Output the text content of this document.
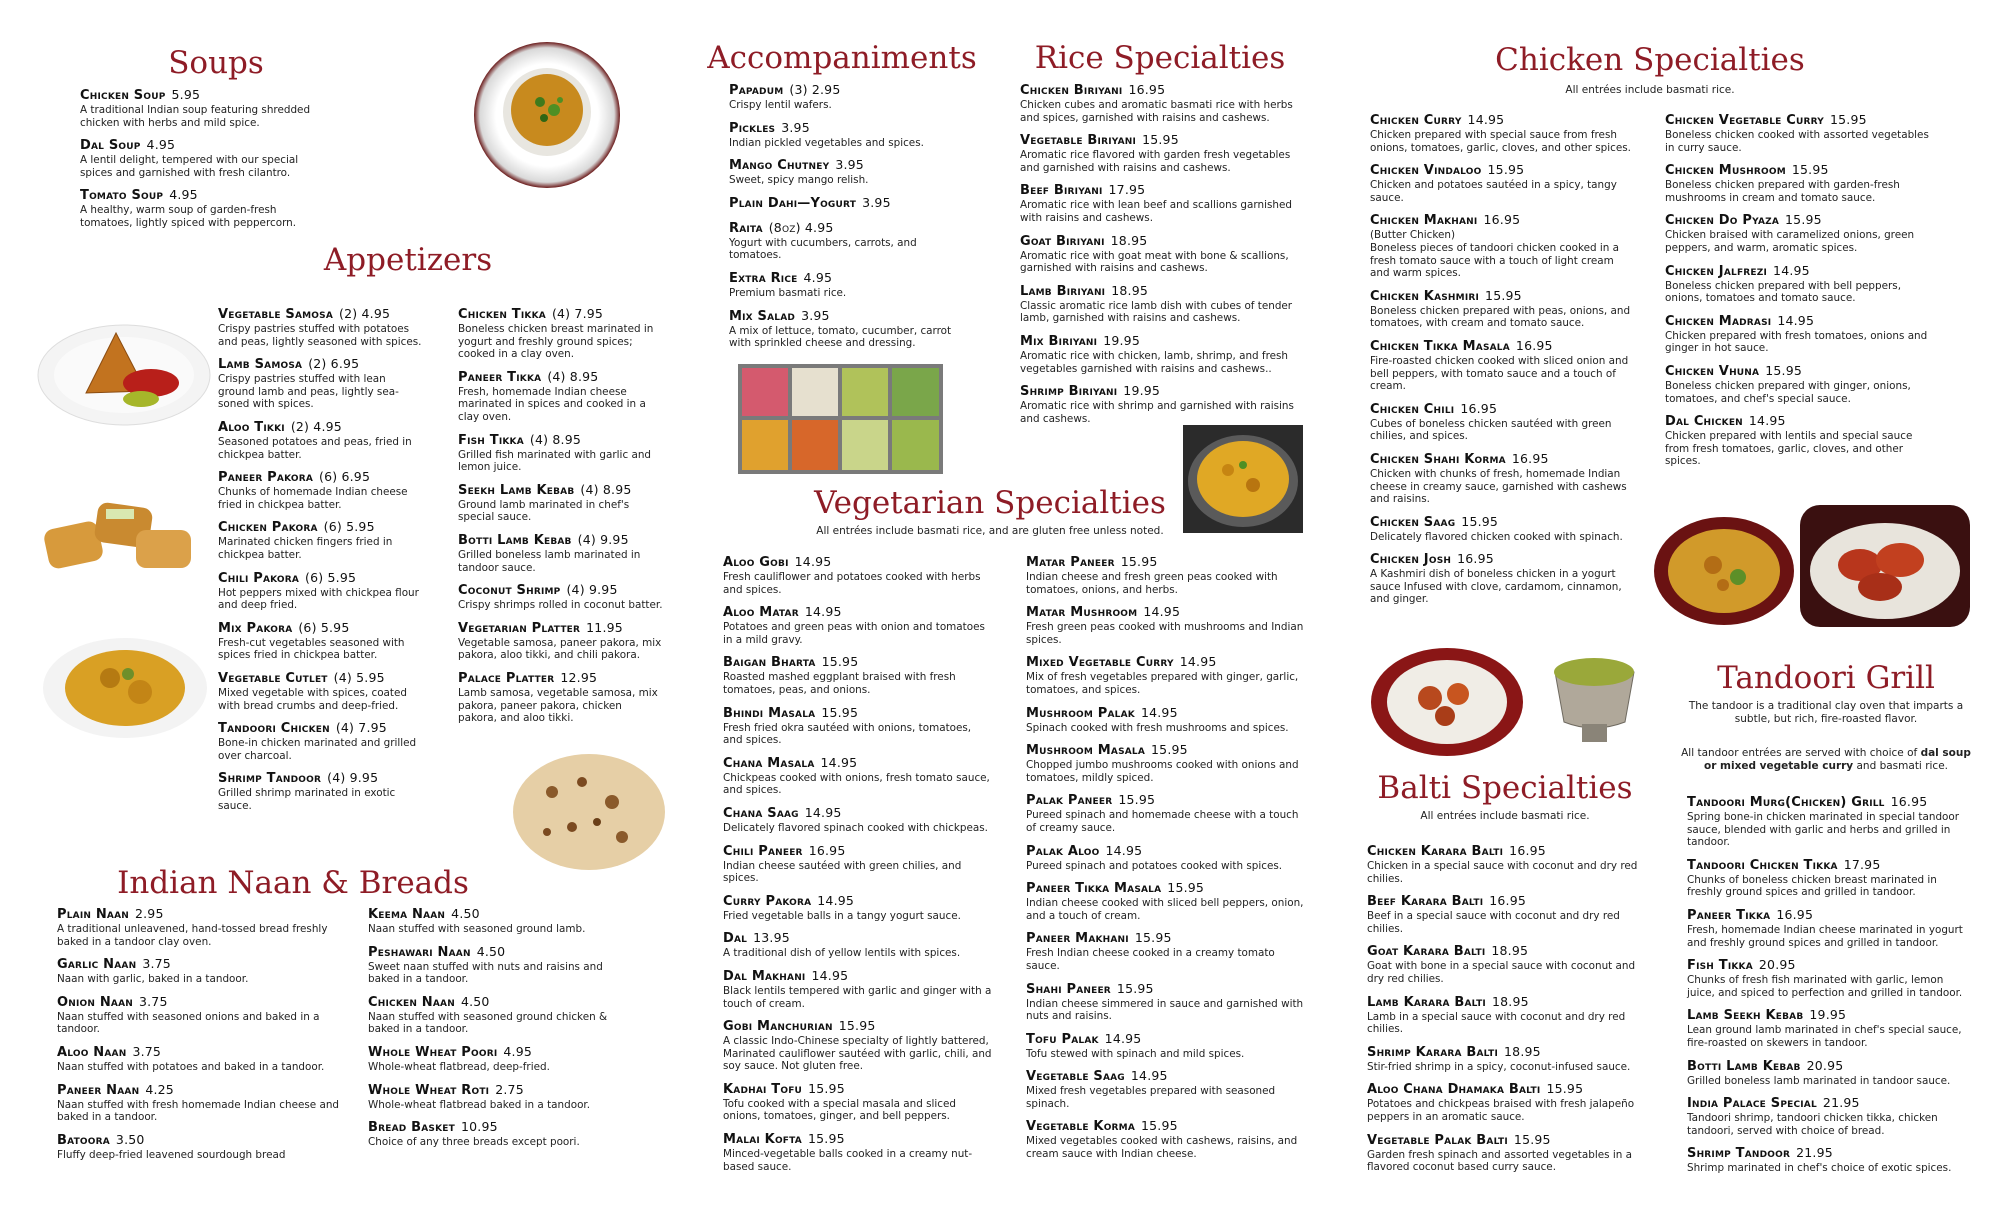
Soups
Appetizers
Indian Naan & Breads
Accompaniments Rice Specialties
Vegetarian Specialties
All entrées include basmati rice, and are gluten free unless noted.
Chicken Specialties
All entrées include basmati rice.
Balti Specialties
All entrées include basmati rice.
Tandoori Grill
The tandoor is a traditional clay oven that imparts a subtle, but rich, fire-roasted flavor.
All tandoor entrées are served with choice of dal soup or mixed vegetable curry and basmati rice.
Chicken Soup 5.95
A traditional Indian soup featuring shredded chicken with herbs and mild spice.
Dal Soup 4.95
A lentil delight, tempered with our special spices and garnished with fresh cilantro.
Tomato Soup 4.95
A healthy, warm soup of garden-fresh tomatoes, lightly spiced with peppercorn.
Vegetable Samosa (2) 4.95
Crispy pastries stuffed with potatoes and peas, lightly seasoned with spices.
Lamb Samosa (2) 6.95
Crispy pastries stuffed with lean ground lamb and peas, lightly sea-soned with spices.
Aloo Tikki (2) 4.95
Seasoned potatoes and peas, fried in chickpea batter.
Paneer Pakora (6) 6.95
Chunks of homemade Indian cheese fried in chickpea batter.
Chicken Pakora (6) 5.95
Marinated chicken fingers fried in chickpea batter.
Chili Pakora (6) 5.95
Hot peppers mixed with chickpea flour and deep fried.
Mix Pakora (6) 5.95
Fresh-cut vegetables seasoned with spices fried in chickpea batter.
Vegetable Cutlet (4) 5.95
Mixed vegetable with spices, coated with bread crumbs and deep-fried.
Tandoori Chicken (4) 7.95
Bone-in chicken marinated and grilled over charcoal.
Shrimp Tandoor (4) 9.95
Grilled shrimp marinated in exotic sauce.
Chicken Tikka (4) 7.95
Boneless chicken breast marinated in yogurt and freshly ground spices; cooked in a clay oven.
Paneer Tikka (4) 8.95
Fresh, homemade Indian cheese marinated in spices and cooked in a clay oven.
Fish Tikka (4) 8.95
Grilled fish marinated with garlic and lemon juice.
Seekh Lamb Kebab (4) 8.95
Ground lamb marinated in chef's special sauce.
Botti Lamb Kebab (4) 9.95
Grilled boneless lamb marinated in tandoor sauce.
Coconut Shrimp (4) 9.95
Crispy shrimps rolled in coconut batter.
Vegetarian Platter 11.95
Vegetable samosa, paneer pakora, mix pakora, aloo tikki, and chili pakora.
Palace Platter 12.95
Lamb samosa, vegetable samosa, mix pakora, paneer pakora, chicken pakora, and aloo tikki.
Plain Naan 2.95
A traditional unleavened, hand-tossed bread freshly baked in a tandoor clay oven.
Garlic Naan 3.75
Naan with garlic, baked in a tandoor.
Onion Naan 3.75
Naan stuffed with seasoned onions and baked in a tandoor.
Aloo Naan 3.75
Naan stuffed with potatoes and baked in a tandoor.
Paneer Naan 4.25
Naan stuffed with fresh homemade Indian cheese and baked in a tandoor.
Batoora 3.50
Fluffy deep-fried leavened sourdough bread
Keema Naan 4.50
Naan stuffed with seasoned ground lamb.
Peshawari Naan 4.50
Sweet naan stuffed with nuts and raisins and baked in a tandoor.
Chicken Naan 4.50
Naan stuffed with seasoned ground chicken & baked in a tandoor.
Whole Wheat Poori 4.95
Whole-wheat flatbread, deep-fried.
Whole Wheat Roti 2.75
Whole-wheat flatbread baked in a tandoor.
Bread Basket 10.95
Choice of any three breads except poori.
Papadum (3) 2.95
Crispy lentil wafers.
Pickles 3.95
Indian pickled vegetables and spices.
Mango Chutney 3.95
Sweet, spicy mango relish.
Plain Dahi—Yogurt 3.95
Raita (8oz) 4.95
Yogurt with cucumbers, carrots, and tomatoes.
Extra Rice 4.95
Premium basmati rice.
Mix Salad 3.95
A mix of lettuce, tomato, cucumber, carrot with sprinkled cheese and dressing.
Chicken Biriyani 16.95
Chicken cubes and aromatic basmati rice with herbs and spices, garnished with raisins and cashews.
Vegetable Biriyani 15.95
Aromatic rice flavored with garden fresh vegetables and garnished with raisins and cashews.
Beef Biriyani 17.95
Aromatic rice with lean beef and scallions garnished with raisins and cashews.
Goat Biriyani 18.95
Aromatic rice with goat meat with bone & scallions, garnished with raisins and cashews.
Lamb Biriyani 18.95
Classic aromatic rice lamb dish with cubes of tender lamb, garnished with raisins and cashews.
Mix Biriyani 19.95
Aromatic rice with chicken, lamb, shrimp, and fresh vegetables garnished with raisins and cashews..
Shrimp Biriyani 19.95
Aromatic rice with shrimp and garnished with raisins and cashews.
Aloo Gobi 14.95
Fresh cauliflower and potatoes cooked with herbs and spices.
Aloo Matar 14.95
Potatoes and green peas with onion and tomatoes in a mild gravy.
Baigan Bharta 15.95
Roasted mashed eggplant braised with fresh tomatoes, peas, and onions.
Bhindi Masala 15.95
Fresh fried okra sautéed with onions, tomatoes, and spices.
Chana Masala 14.95
Chickpeas cooked with onions, fresh tomato sauce, and spices.
Chana Saag 14.95
Delicately flavored spinach cooked with chickpeas.
Chili Paneer 16.95
Indian cheese sautéed with green chilies, and spices.
Curry Pakora 14.95
Fried vegetable balls in a tangy yogurt sauce.
Dal 13.95
A traditional dish of yellow lentils with spices.
Dal Makhani 14.95
Black lentils tempered with garlic and ginger with a touch of cream.
Gobi Manchurian 15.95
A classic Indo-Chinese specialty of lightly battered, Marinated cauliflower sautéed with garlic, chili, and soy sauce. Not gluten free.
Kadhai Tofu 15.95
Tofu cooked with a special masala and sliced onions, tomatoes, ginger, and bell peppers.
Malai Kofta 15.95
Minced-vegetable balls cooked in a creamy nut-based sauce.
Matar Paneer 15.95
Indian cheese and fresh green peas cooked with tomatoes, onions, and herbs.
Matar Mushroom 14.95
Fresh green peas cooked with mushrooms and Indian spices.
Mixed Vegetable Curry 14.95
Mix of fresh vegetables prepared with ginger, garlic, tomatoes, and spices.
Mushroom Palak 14.95
Spinach cooked with fresh mushrooms and spices.
Mushroom Masala 15.95
Chopped jumbo mushrooms cooked with onions and tomatoes, mildly spiced.
Palak Paneer 15.95
Pureed spinach and homemade cheese with a touch of creamy sauce.
Palak Aloo 14.95
Pureed spinach and potatoes cooked with spices.
Paneer Tikka Masala 15.95
Indian cheese cooked with sliced bell peppers, onion, and a touch of cream.
Paneer Makhani 15.95
Fresh Indian cheese cooked in a creamy tomato sauce.
Shahi Paneer 15.95
Indian cheese simmered in sauce and garnished with nuts and raisins.
Tofu Palak 14.95
Tofu stewed with spinach and mild spices.
Vegetable Saag 14.95
Mixed fresh vegetables prepared with seasoned spinach.
Vegetable Korma 15.95
Mixed vegetables cooked with cashews, raisins, and cream sauce with Indian cheese.
Chicken Curry 14.95
Chicken prepared with special sauce from fresh onions, tomatoes, garlic, cloves, and other spices.
Chicken Vindaloo 15.95
Chicken and potatoes sautéed in a spicy, tangy sauce.
Chicken Makhani 16.95
(Butter Chicken)
Boneless pieces of tandoori chicken cooked in a fresh tomato sauce with a touch of light cream and warm spices.
Chicken Kashmiri 15.95
Boneless chicken prepared with peas, onions, and tomatoes, with cream and tomato sauce.
Chicken Tikka Masala 16.95
Fire-roasted chicken cooked with sliced onion and bell peppers, with tomato sauce and a touch of cream.
Chicken Chili 16.95
Cubes of boneless chicken sautéed with green chilies, and spices.
Chicken Shahi Korma 16.95
Chicken with chunks of fresh, homemade Indian cheese in creamy sauce, garnished with cashews and raisins.
Chicken Saag 15.95
Delicately flavored chicken cooked with spinach.
Chicken Josh 16.95
A Kashmiri dish of boneless chicken in a yogurt sauce Infused with clove, cardamom, cinnamon, and ginger.
Chicken Vegetable Curry 15.95
Boneless chicken cooked with assorted vegetables in curry sauce.
Chicken Mushroom 15.95
Boneless chicken prepared with garden-fresh mushrooms in cream and tomato sauce.
Chicken Do Pyaza 15.95
Chicken braised with caramelized onions, green peppers, and warm, aromatic spices.
Chicken Jalfrezi 14.95
Boneless chicken prepared with bell peppers, onions, tomatoes and tomato sauce.
Chicken Madrasi 14.95
Chicken prepared with fresh tomatoes, onions and ginger in hot sauce.
Chicken Vhuna 15.95
Boneless chicken prepared with ginger, onions, tomatoes, and chef's special sauce.
Dal Chicken 14.95
Chicken prepared with lentils and special sauce from fresh tomatoes, garlic, cloves, and other spices.
Chicken Karara Balti 16.95
Chicken in a special sauce with coconut and dry red chilies.
Beef Karara Balti 16.95
Beef in a special sauce with coconut and dry red chilies.
Goat Karara Balti 18.95
Goat with bone in a special sauce with coconut and dry red chilies.
Lamb Karara Balti 18.95
Lamb in a special sauce with coconut and dry red chilies.
Shrimp Karara Balti 18.95
Stir-fried shrimp in a spicy, coconut-infused sauce.
Aloo Chana Dhamaka Balti 15.95
Potatoes and chickpeas braised with fresh jalapeño peppers in an aromatic sauce.
Vegetable Palak Balti 15.95
Garden fresh spinach and assorted vegetables in a flavored coconut based curry sauce.
Tandoori Murg(Chicken) Grill 16.95
Spring bone-in chicken marinated in special tandoor sauce, blended with garlic and herbs and grilled in tandoor.
Tandoori Chicken Tikka 17.95
Chunks of boneless chicken breast marinated in freshly ground spices and grilled in tandoor.
Paneer Tikka 16.95
Fresh, homemade Indian cheese marinated in yogurt and freshly ground spices and grilled in tandoor.
Fish Tikka 20.95
Chunks of fresh fish marinated with garlic, lemon juice, and spiced to perfection and grilled in tandoor.
Lamb Seekh Kebab 19.95
Lean ground lamb marinated in chef's special sauce, fire-roasted on skewers in tandoor.
Botti Lamb Kebab 20.95
Grilled boneless lamb marinated in tandoor sauce.
India Palace Special 21.95
Tandoori shrimp, tandoori chicken tikka, chicken tandoori, served with choice of bread.
Shrimp Tandoor 21.95
Shrimp marinated in chef's choice of exotic spices.
